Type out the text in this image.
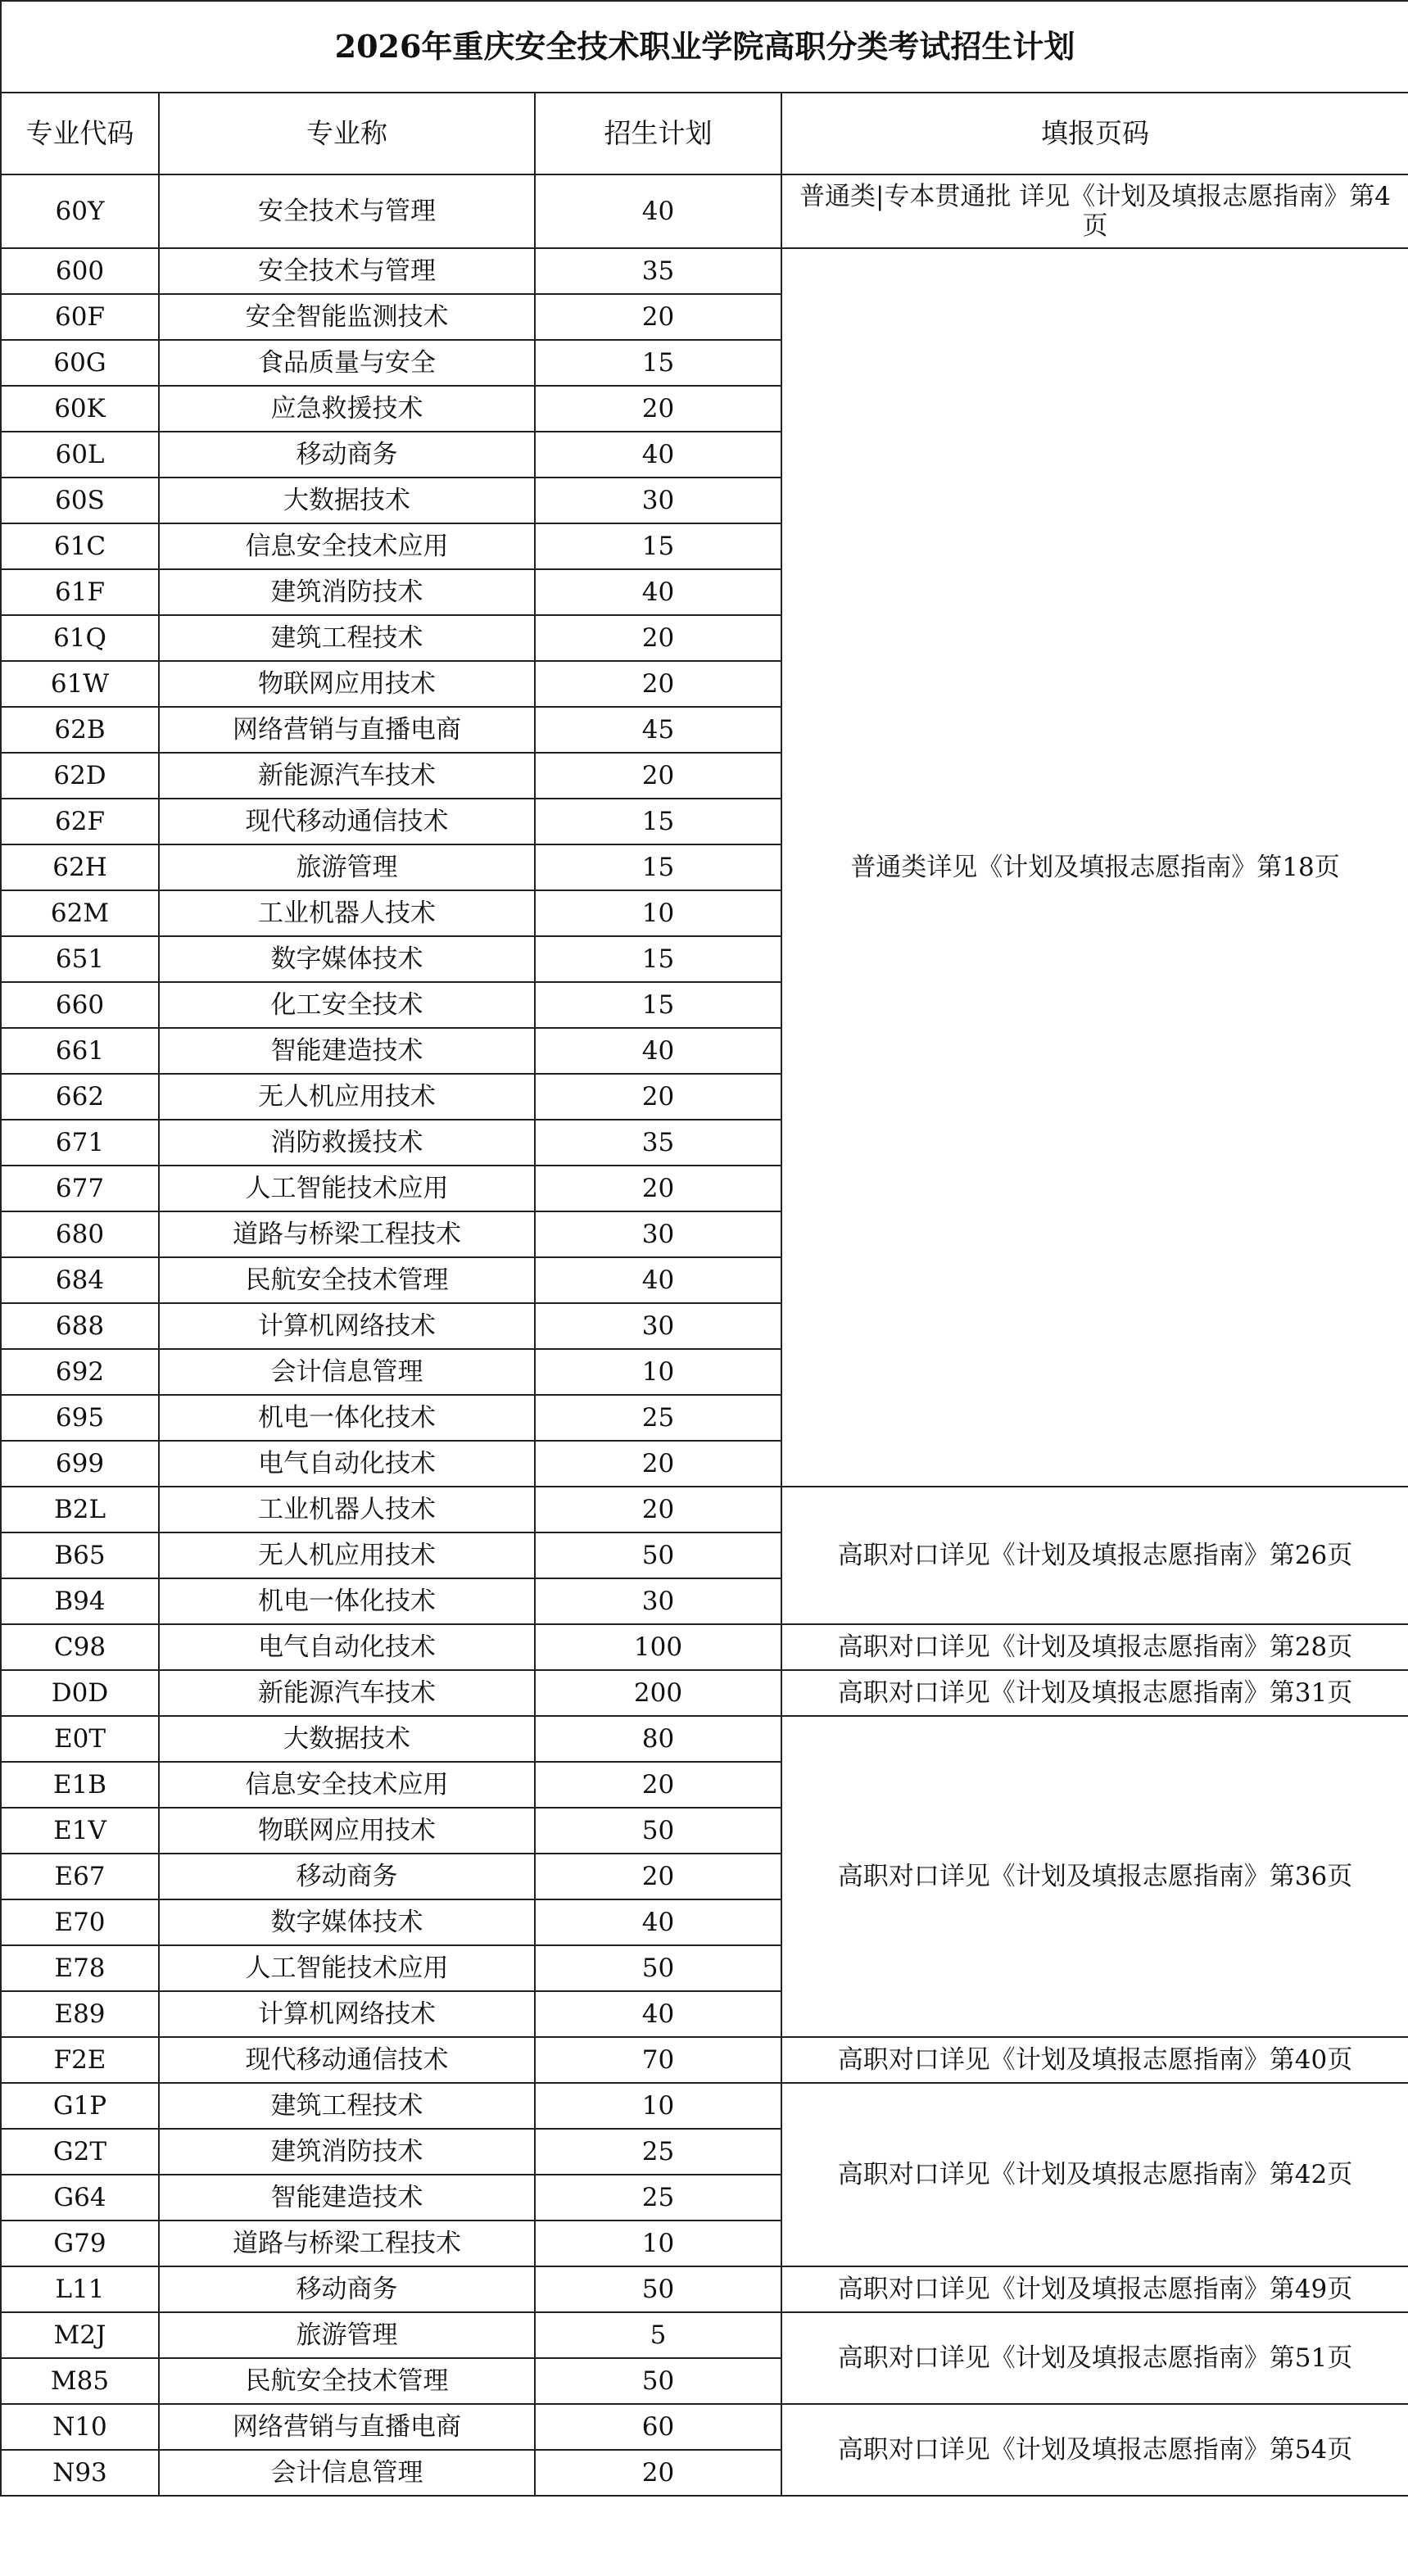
2026年重庆安全技术职业学院高职分类考试招生计划			
专业代码	专业称	招生计划	填报页码
60Y	安全技术与管理	40	普通类|专本贯通批 详见《计划及填报志愿指南》第4页
600	安全技术与管理	35	普通类详见《计划及填报志愿指南》第18页
60F	安全智能监测技术	20	
60G	食品质量与安全	15	
60K	应急救援技术	20	
60L	移动商务	40	
60S	大数据技术	30	
61C	信息安全技术应用	15	
61F	建筑消防技术	40	
61Q	建筑工程技术	20	
61W	物联网应用技术	20	
62B	网络营销与直播电商	45	
62D	新能源汽车技术	20	
62F	现代移动通信技术	15	
62H	旅游管理	15	
62M	工业机器人技术	10	
651	数字媒体技术	15	
660	化工安全技术	15	
661	智能建造技术	40	
662	无人机应用技术	20	
671	消防救援技术	35	
677	人工智能技术应用	20	
680	道路与桥梁工程技术	30	
684	民航安全技术管理	40	
688	计算机网络技术	30	
692	会计信息管理	10	
695	机电一体化技术	25	
699	电气自动化技术	20	
B2L	工业机器人技术	20	高职对口详见《计划及填报志愿指南》第26页
B65	无人机应用技术	50	
B94	机电一体化技术	30	
C98	电气自动化技术	100	高职对口详见《计划及填报志愿指南》第28页
D0D	新能源汽车技术	200	高职对口详见《计划及填报志愿指南》第31页
E0T	大数据技术	80	高职对口详见《计划及填报志愿指南》第36页
E1B	信息安全技术应用	20	
E1V	物联网应用技术	50	
E67	移动商务	20	
E70	数字媒体技术	40	
E78	人工智能技术应用	50	
E89	计算机网络技术	40	
F2E	现代移动通信技术	70	高职对口详见《计划及填报志愿指南》第40页
G1P	建筑工程技术	10	高职对口详见《计划及填报志愿指南》第42页
G2T	建筑消防技术	25	
G64	智能建造技术	25	
G79	道路与桥梁工程技术	10	
L11	移动商务	50	高职对口详见《计划及填报志愿指南》第49页
M2J	旅游管理	5	高职对口详见《计划及填报志愿指南》第51页
M85	民航安全技术管理	50	
N10	网络营销与直播电商	60	高职对口详见《计划及填报志愿指南》第54页
N93	会计信息管理	20	
